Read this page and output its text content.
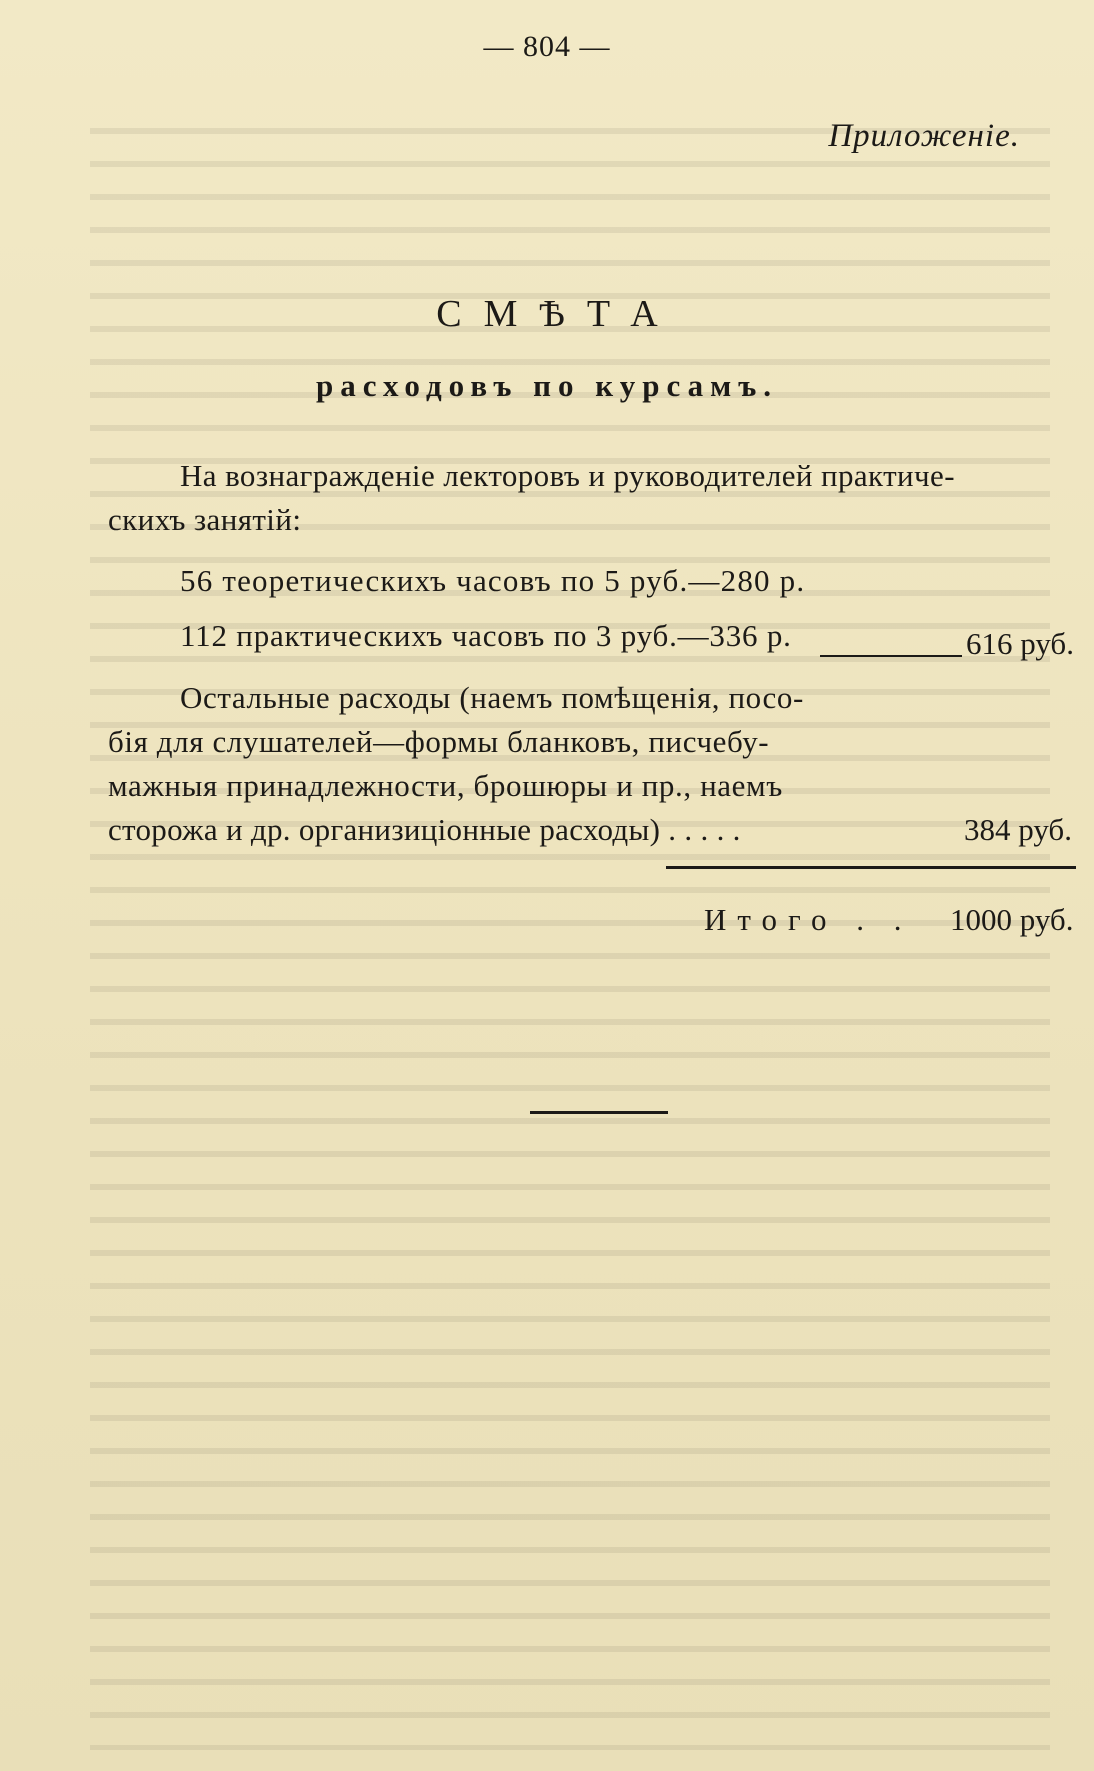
— 804 —
Приложеніе.
СМѢТА
расходовъ по курсамъ.
На вознагражденіе лекторовъ и руководителей практиче-
скихъ занятій:
56 теоретическихъ часовъ по 5 руб.—280 р.
112 практическихъ часовъ по 3 руб.—336 р.	616 руб.
Остальные расходы (наемъ помѣщенія, посо-
бія для слушателей—формы бланковъ, писчебу-
мажныя принадлежности, брошюры и пр., наемъ
сторожа и др. организиціонные расходы) . . . . .	384 руб.
Итого . . 1000 руб.
